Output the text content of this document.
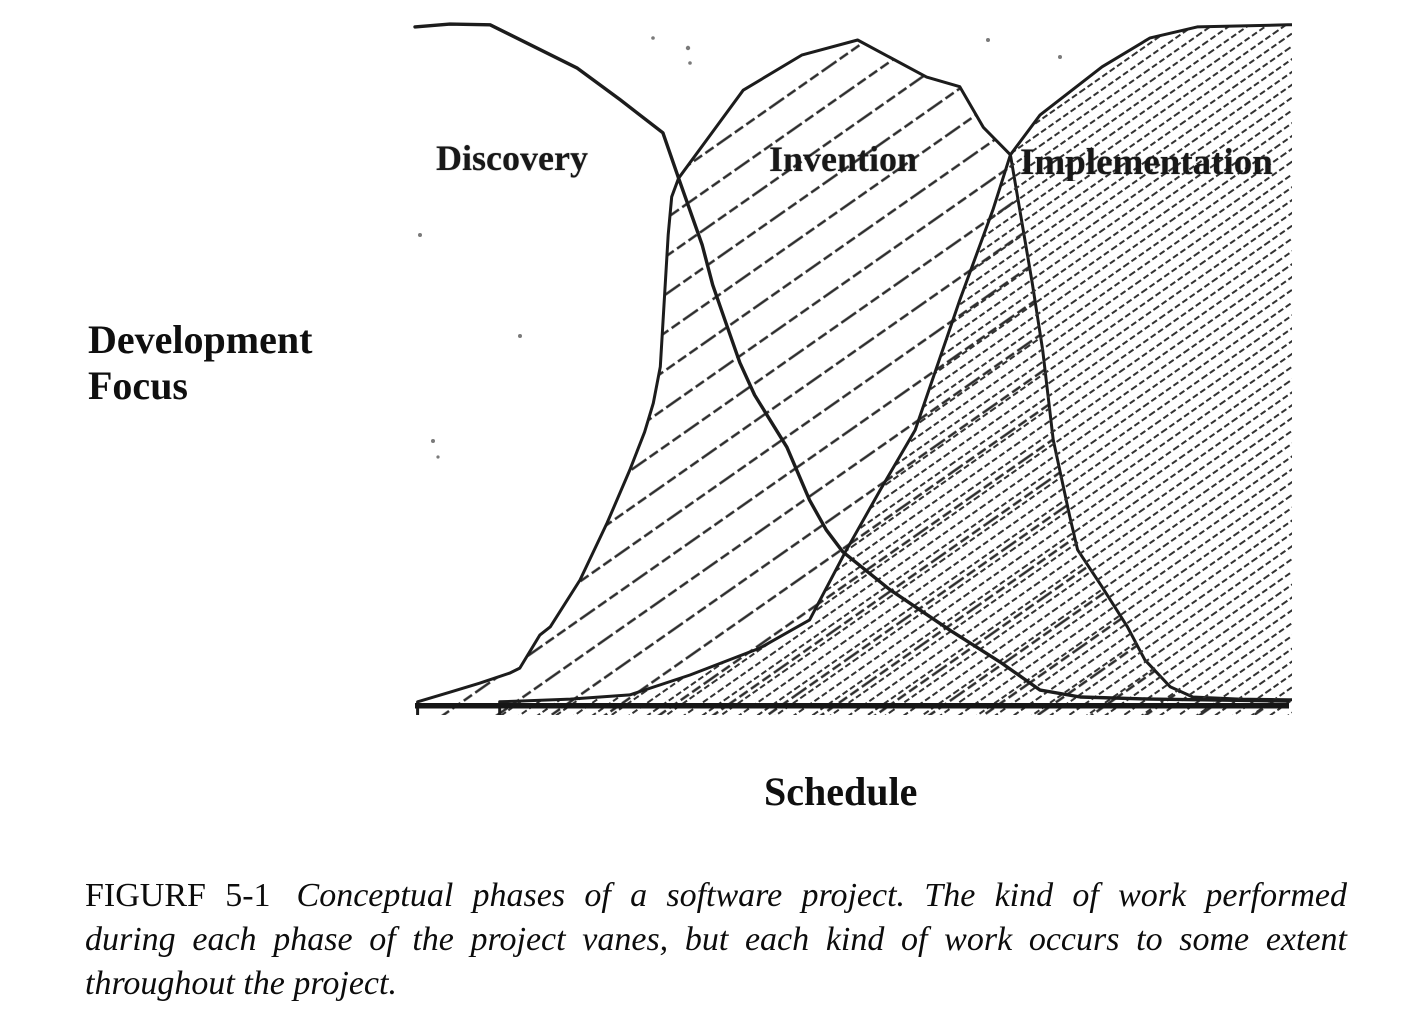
Discovery	Invention	Implementation
Development
Focus
Schedule
FIGURF 5-1 Conceptual phases of a software project. The kind of work performed
during each phase of the project vanes, but each kind of work occurs to some extent
throughout the project.
